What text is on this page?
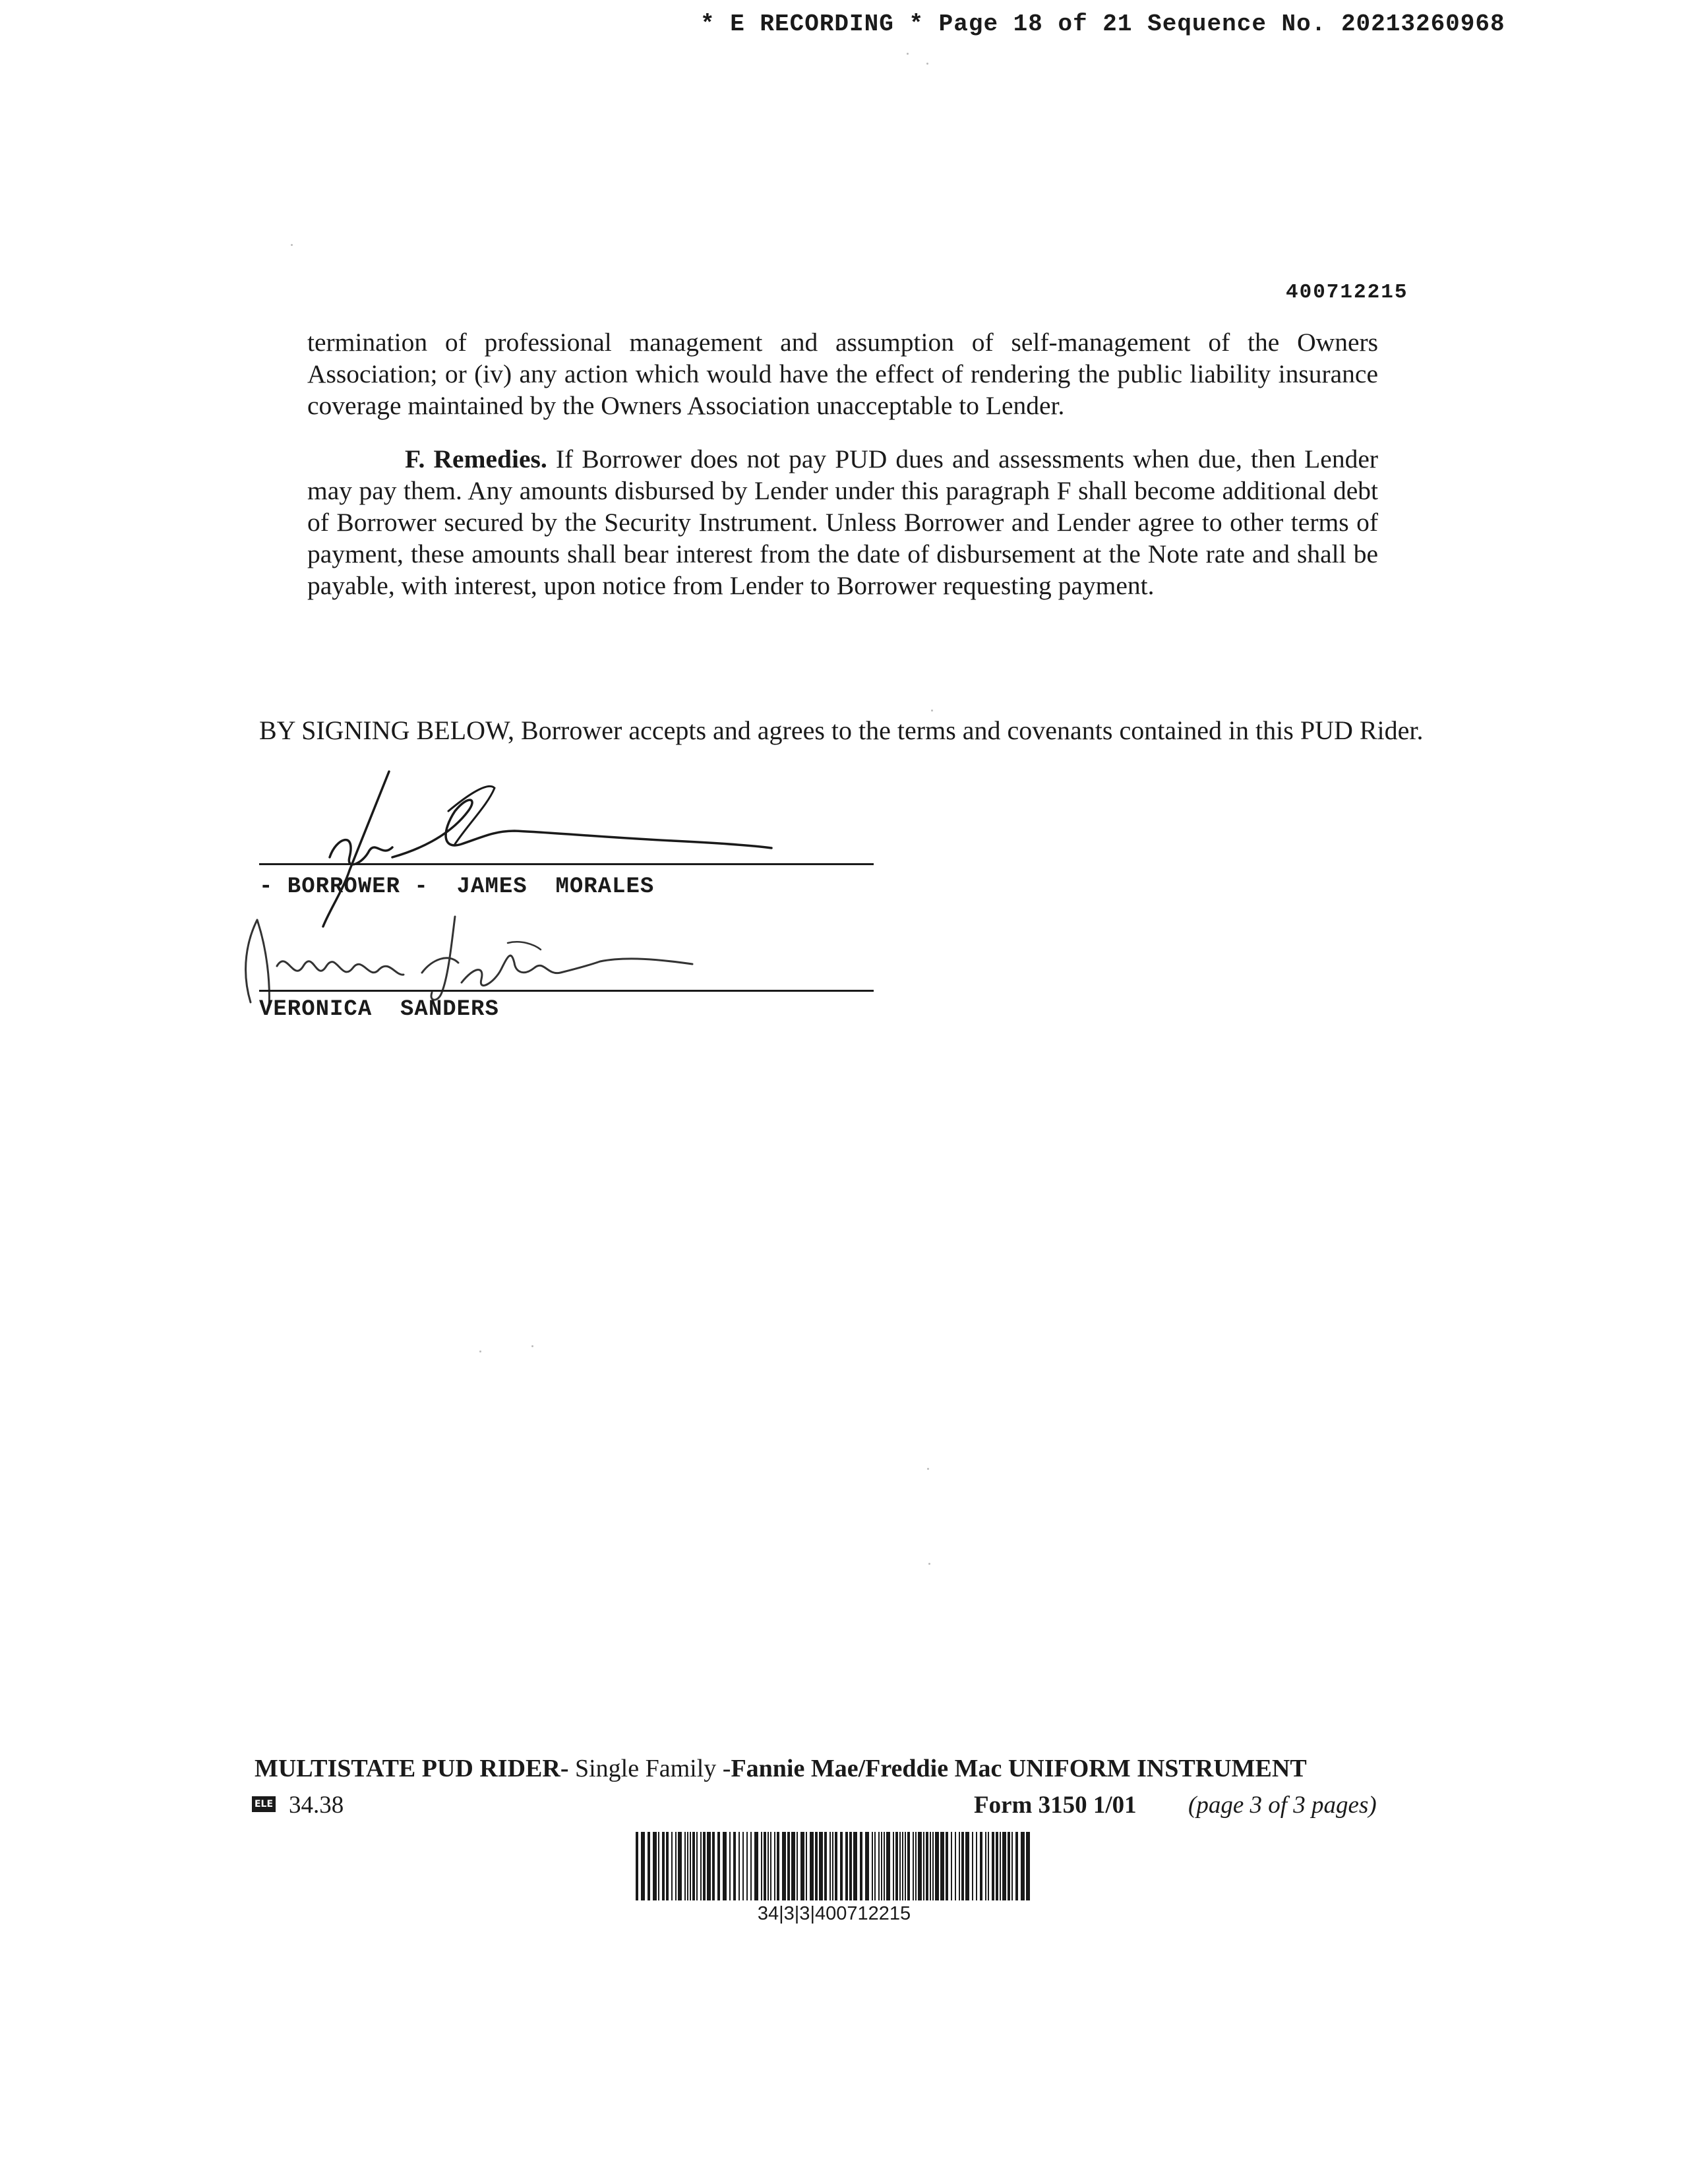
* E RECORDING * Page 18 of 21 Sequence No. 20213260968
400712215
termination of professional management and assumption of self-management of the Owners Association; or (iv) any action which would have the effect of rendering the public liability insurance coverage maintained by the Owners Association unacceptable to Lender.
F. Remedies. If Borrower does not pay PUD dues and assessments when due, then Lender may pay them. Any amounts disbursed by Lender under this paragraph F shall become additional debt of Borrower secured by the Security Instrument. Unless Borrower and Lender agree to other terms of payment, these amounts shall bear interest from the date of disbursement at the Note rate and shall be payable, with interest, upon notice from Lender to Borrower requesting payment.
BY SIGNING BELOW, Borrower accepts and agrees to the terms and covenants contained in this PUD Rider.
- BORROWER -  JAMES  MORALES
VERONICA  SANDERS
MULTISTATE PUD RIDER- Single Family -Fannie Mae/Freddie Mac UNIFORM INSTRUMENT
ELE 34.38	Form 3150 1/01 (page 3 of 3 pages)
34|3|3|400712215
